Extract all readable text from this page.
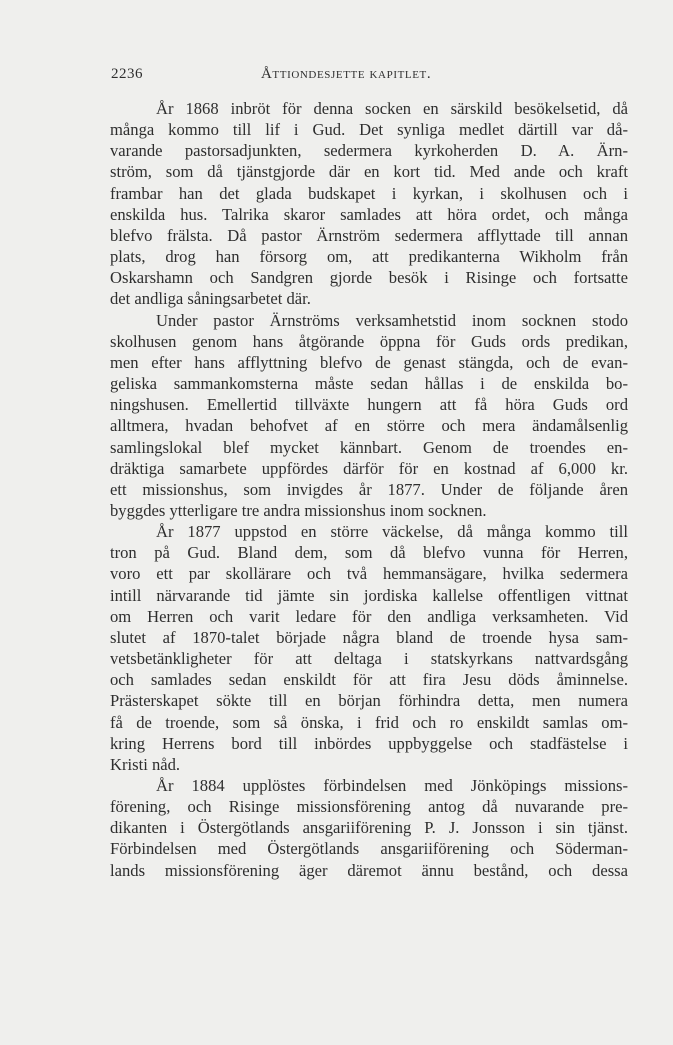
2236	Åttiondesjette kapitlet.
År 1868 inbröt för denna socken en särskild besökelsetid, då
många kommo till lif i Gud. Det synliga medlet därtill var då-
varande pastorsadjunkten, sedermera kyrkoherden D. A. Ärn-
ström, som då tjänstgjorde där en kort tid. Med ande och kraft
frambar han det glada budskapet i kyrkan, i skolhusen och i
enskilda hus. Talrika skaror samlades att höra ordet, och många
blefvo frälsta. Då pastor Ärnström sedermera afflyttade till annan
plats, drog han försorg om, att predikanterna Wikholm från
Oskarshamn och Sandgren gjorde besök i Risinge och fortsatte
det andliga såningsarbetet där.
Under pastor Ärnströms verksamhetstid inom socknen stodo
skolhusen genom hans åtgörande öppna för Guds ords predikan,
men efter hans afflyttning blefvo de genast stängda, och de evan-
geliska sammankomsterna måste sedan hållas i de enskilda bo-
ningshusen. Emellertid tillväxte hungern att få höra Guds ord
alltmera, hvadan behofvet af en större och mera ändamålsenlig
samlingslokal blef mycket kännbart. Genom de troendes en-
dräktiga samarbete uppfördes därför för en kostnad af 6,000 kr.
ett missionshus, som invigdes år 1877. Under de följande åren
byggdes ytterligare tre andra missionshus inom socknen.
År 1877 uppstod en större väckelse, då många kommo till
tron på Gud. Bland dem, som då blefvo vunna för Herren,
voro ett par skollärare och två hemmansägare, hvilka sedermera
intill närvarande tid jämte sin jordiska kallelse offentligen vittnat
om Herren och varit ledare för den andliga verksamheten. Vid
slutet af 1870-talet började några bland de troende hysa sam-
vetsbetänkligheter för att deltaga i statskyrkans nattvardsgång
och samlades sedan enskildt för att fira Jesu döds åminnelse.
Prästerskapet sökte till en början förhindra detta, men numera
få de troende, som så önska, i frid och ro enskildt samlas om-
kring Herrens bord till inbördes uppbyggelse och stadfästelse i
Kristi nåd.
År 1884 upplöstes förbindelsen med Jönköpings missions-
förening, och Risinge missionsförening antog då nuvarande pre-
dikanten i Östergötlands ansgariiförening P. J. Jonsson i sin tjänst.
Förbindelsen med Östergötlands ansgariiförening och Söderman-
lands missionsförening äger däremot ännu bestånd, och dessa
